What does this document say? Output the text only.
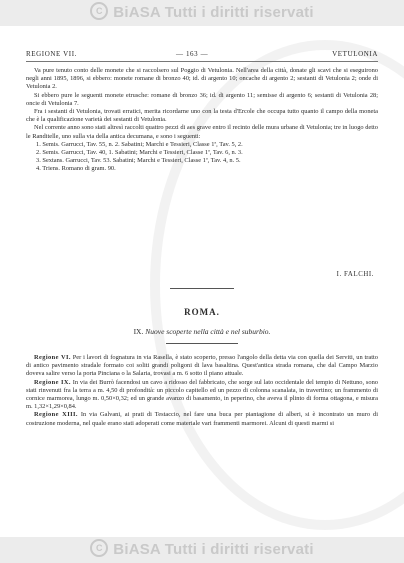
C BiASA Tutti i diritti riservati
REGIONE VII.	— 163 —	VETULONIA

Va pure tenuto conto delle monete che si raccolsero sul Poggio di Vetulonia. Nell'area della città, donate gli scavi che si eseguirono negli anni 1895, 1896, si ebbero: monete romane di bronzo 40; id. di argento 10; oncache di argento 2; sestanti di Vetulonia 2; onde di Vetulonia 2.

Si ebbero pure le seguenti monete etrusche: romane di bronzo 36; id. di argento 11; semisse di argento 6; sestanti di Vetulonia 28; oncie di Vetulonia 7.

Fra i sestanti di Vetulonia, trovati erratici, merita ricordarne uno con la testa d'Ercole che occupa tutto quanto il campo della moneta che è la qualificazione varietà dei sestanti di Vetulonia.

Nel corrente anno sono stati altresì raccolti quattro pezzi di aes grave entro il recinto delle mura urbane di Vetulonia; tre in luogo detto le Randitelle, uno sulla via della antica decumana, e sono i seguenti:

1. Semis. Garrucci, Tav. 55, n. 2. Sabatini; Marchi e Tessieri, Classe 1ª, Tav. 5, 2.
2. Semis. Garrucci, Tav. 40, 1. Sabatini; Marchi e Tessieri, Classe 1ª, Tav. 6, n. 3.
3. Sextans. Garrucci, Tav. 53. Sabatini; Marchi e Tessieri, Classe 1ª, Tav. 4, n. 5.
4. Triens. Romano di gram. 90.
I. FALCHI.
ROMA.
IX. Nuove scoperte nella città e nel suburbio.

Regione VI. Per i lavori di fognatura in via Rasella, è stato scoperto, presso l'angolo della detta via con quella dei Serviti, un tratto di antico pavimento stradale formato coi soliti grandi poligoni di lava basaltina. Quest'antica strada romana, che dal Campo Marzio doveva salire verso la porta Pinciana o la Salaria, trovasi a m. 6 sotto il piano attuale.

Regione IX. In via dei Burrò facendosi un cavo a ridosso del fabbricato, che sorge sul lato occidentale del tempio di Nettuno, sono stati rinvenuti fra la terra a m. 4,50 di profondità: un piccolo capitello ed un pezzo di colonna scanalata, in travertino; un frammento di cornice marmorea, lungo m. 0,50×0,32; ed un grande avanzo di basamento, in peperino, che aveva il plinto di forma ottagona, e misura m. 1,32×1,29×0,84.

Regione XIII. In via Galvani, ai prati di Testaccio, nel fare una buca per piantagione di alberi, si è incontrato un muro di costruzione moderna, nel quale erano stati adoperati come materiale vari frammenti marmorei. Alcuni di questi marmi si

C BiASA Tutti i diritti riservati
